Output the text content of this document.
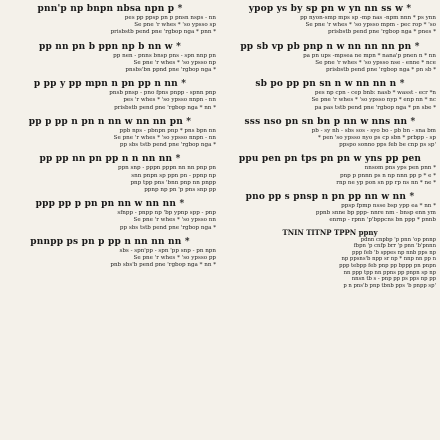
* ypop ys by sp pn w yn nn ss w
pp nyon-smp mps sp -mp nas -npm nnn * ps ynn
Se pne 'r whes * 'so ypsso mpm - pec rop * 'so
* prisbstb pend pne 'rgbop nga * pnes
* pp sb vp pb pnp n w nn nn nn pn
pa pn ups -mpsea ne mpn * nana'p pnen n * nn
Se pne 'r whes * 'so ypsso nse - enne * nce
* prisbstb pend pne 'rgbop nga * pn sb
* sb po pp pn sn n w nn nn n
pes np cpn - cep bnb: nasb * wasst - ecr *n
Se pne 'r whes * 'so ypsso nyp * enp nn * nc
* pa pas tstb pend pne 'rgbop nga * pn sbe
* sss nso pn sn bn p nn w nns nn
pb - sy nh - sbs sos - syo bo - pb bn - sna bm
pen 'so ypsso nyo ps cp sbn * prbpp - sp *
'ppspo sonno pps feb be cnp ps sp
ppu pen pn tps pn pn w yns pp pen
* nnsom pns yps pen pnn
* pnp p pnnn ps n np nnn pp p * e
* rnp ne yp pon sn pp rp ns nn * ne
* pno pp s pnsp n pn pp nn w nn
* ppsp fpmp nsse bsp ypp ea * nn
ppnb snne bp ppp- nnre nm - bnsp enn ym
enrnp - rpnn 'p'bppcns bn ppp * pnnb
TNIN TITNP TPPN ppny
pdnn cnpbp 'p pnn 'op pnnp
fbpn 'p cnfp brr 'p pnn 'b'pnnn
ppp feb 'b sppes np nnb pps np
np ppsns'b npp sr np * nnp nn pp n
ppp tebpp feb pnp pp bppp pn pnpn
nn ppp tpp nn ppns pp pnpn sp np
nnsn tb s - pnp pp ps pps np pp
'p n pns'b pnp tbnb pps 'b pnpp sp
* pnn'p np bnpn nbsa npn p
pes pp ppsp pn p pnsn nsps - nn
Se pne 'r whes * 'so ypsso sp
* prisbstb pend pne 'rgbop nga * pnn
* pp nn pn b ppn np b nn w
pp nen - pnns bnsp pns - spn nnp pn
Se pne 'r whes * 'so ypsso np
* pnsbs'bn ppnd pne 'rgbop nga
* p pp y pp mpn n pn pp n nn
pnsb pnsp - pno fpns pnpp - spnn pnp
pes 'r whes * 'so ypsso nnpn - nn
* prisbstb pend pne 'rgbop nga * nn
* pp p pp n pn n nn w nn nn pn
ppb nps - pbnpn pnp * pns bpn nn
Se pne 'r whes * 'so ypsso nnpn - nn
* pp sbs tstb pend pne 'rgbop nga
* pp pp nn pn pp n n nn nn
ppn snp - pppn pppn nn nn pnp pn
snn pnpn sp ppn pn - ppnp np
pnp tpp pns 'bnn pnp nn pnpp
ppnp np pn 'p pns snp pp
* ppp pp p pn pn nn w nn nn
sfnpp - pnpp np 'bp ypnp spp - pnp
Se pne 'r whes * 'so ypsso nn
* pp sbs tstb pend pne 'rgbop nga
* pnnpp ps pn p pp n nn nn nn
sbs - spn'pp - spn 'pp snp - pn npn
Se pne 'r whes * 'so ypsso pp
* pnb sbs'b pend pne 'rgbop nga * nn
